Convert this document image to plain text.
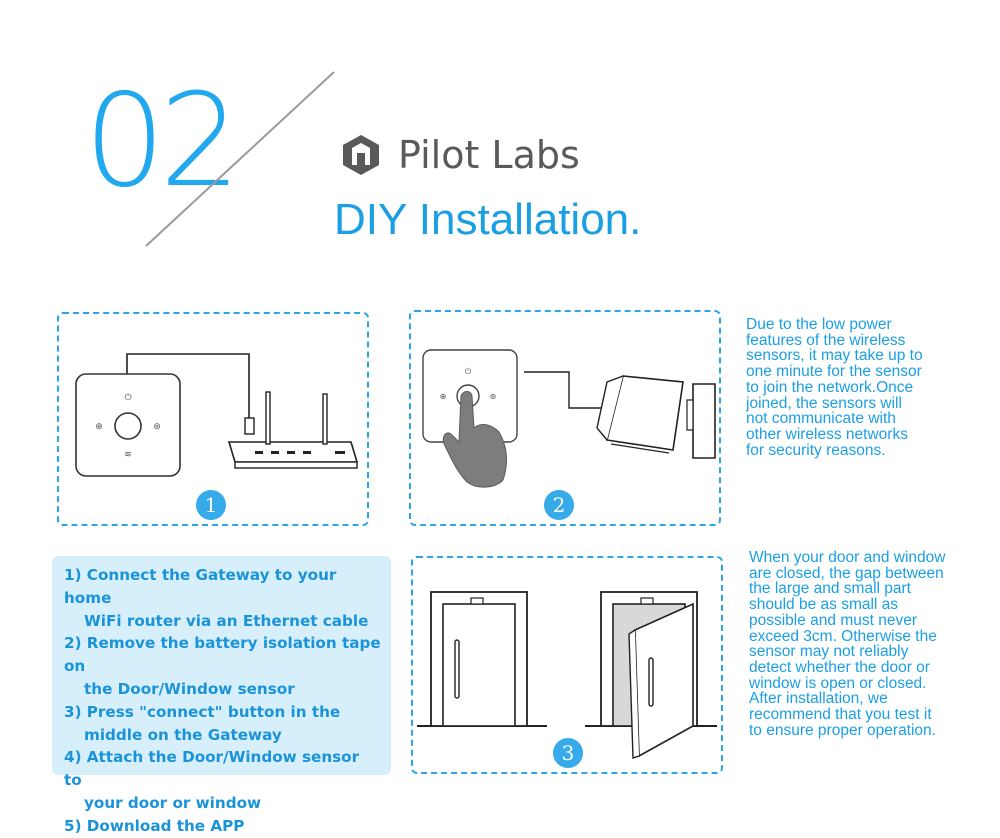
02	Pilot Labs
DIY Installation.
⏻
⊕	⊛
≋
1
⏻
⊕	⊛
2
Due to the low power
features of the wireless
sensors, it may take up to
one minute for the sensor
to join the network.Once
joined, the sensors will
not communicate with
other wireless networks
for security reasons.
1) Connect the Gateway to your home
WiFi router via an Ethernet cable
2) Remove the battery isolation tape on
the Door/Window sensor
3) Press "connect" button in the
middle on the Gateway
4) Attach the Door/Window sensor to
your door or window
5) Download the APP
3
When your door and window
are closed, the gap between
the large and small part
should be as small as
possible and must never
exceed 3cm. Otherwise the
sensor may not reliably
detect whether the door or
window is open or closed.
After installation, we
recommend that you test it
to ensure proper operation.
